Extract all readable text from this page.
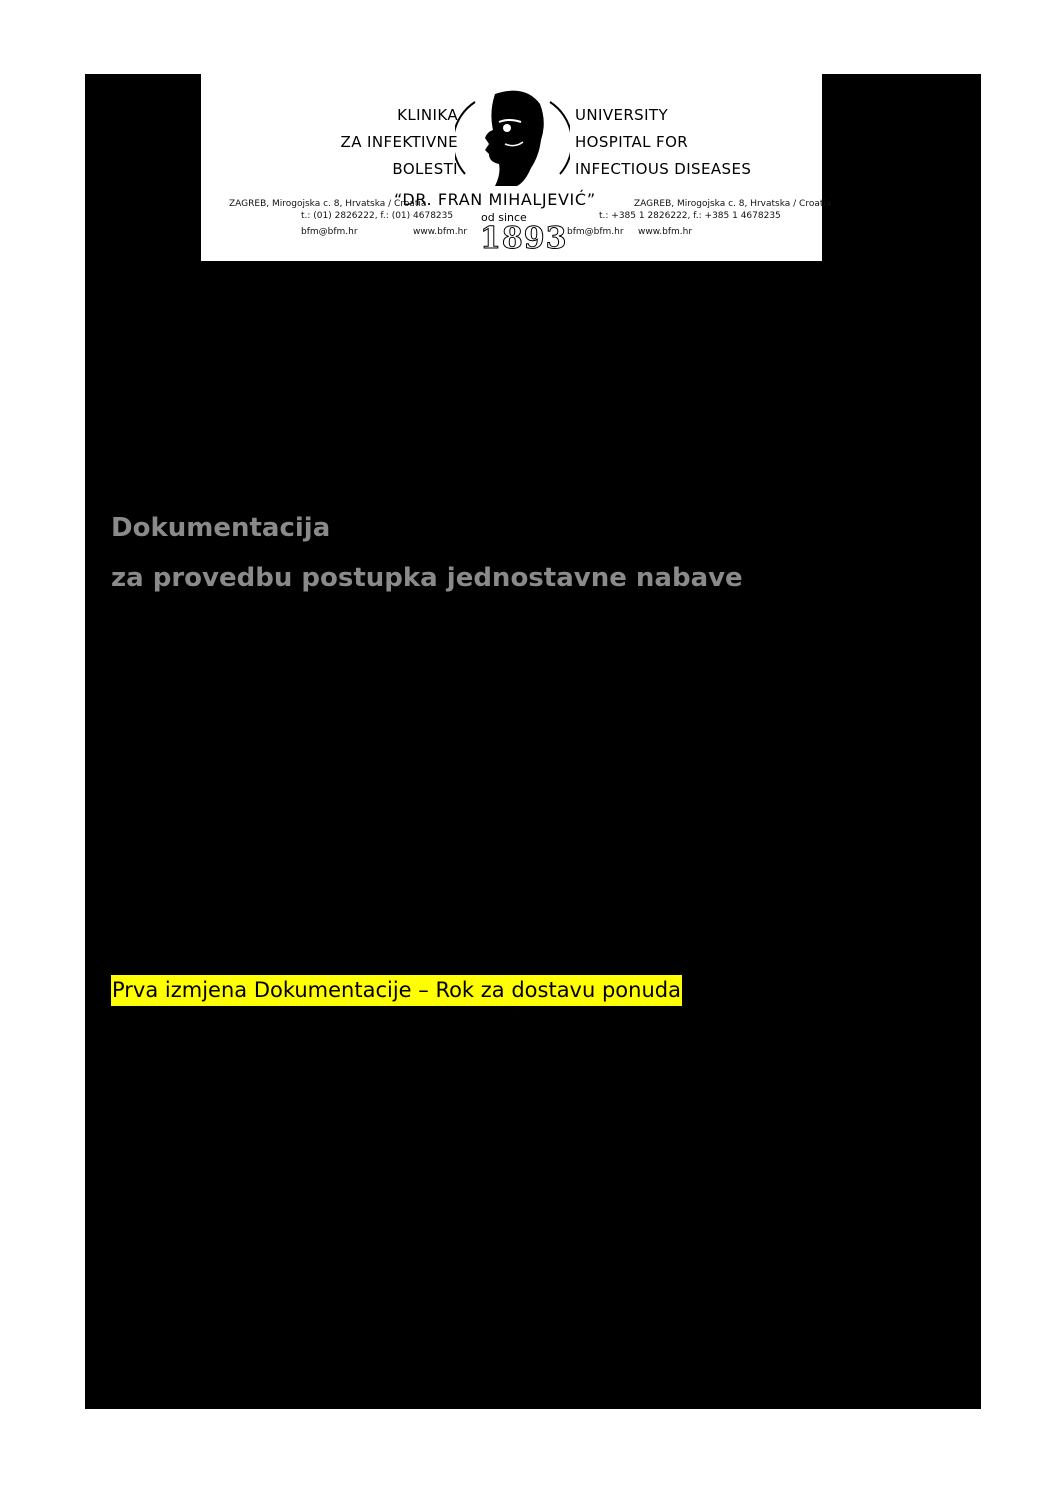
KLINIKA
ZA INFEKTIVNE
BOLESTI
UNIVERSITY
HOSPITAL FOR
INFECTIOUS DISEASES
“DR. FRAN MIHALJEVIĆ”
ZAGREB, Mirogojska c. 8, Hrvatska / Croatia
t.: (01) 2826222, f.: (01) 4678235
bfm@bfm.hr	www.bfm.hr
ZAGREB, Mirogojska c. 8, Hrvatska / Croatia
t.: +385 1 2826222, f.: +385 1 4678235
bfm@bfm.hr www.bfm.hr
od since
1893
Dokumentacija
za provedbu postupka jednostavne nabave
Prva izmjena Dokumentacije – Rok za dostavu ponuda
